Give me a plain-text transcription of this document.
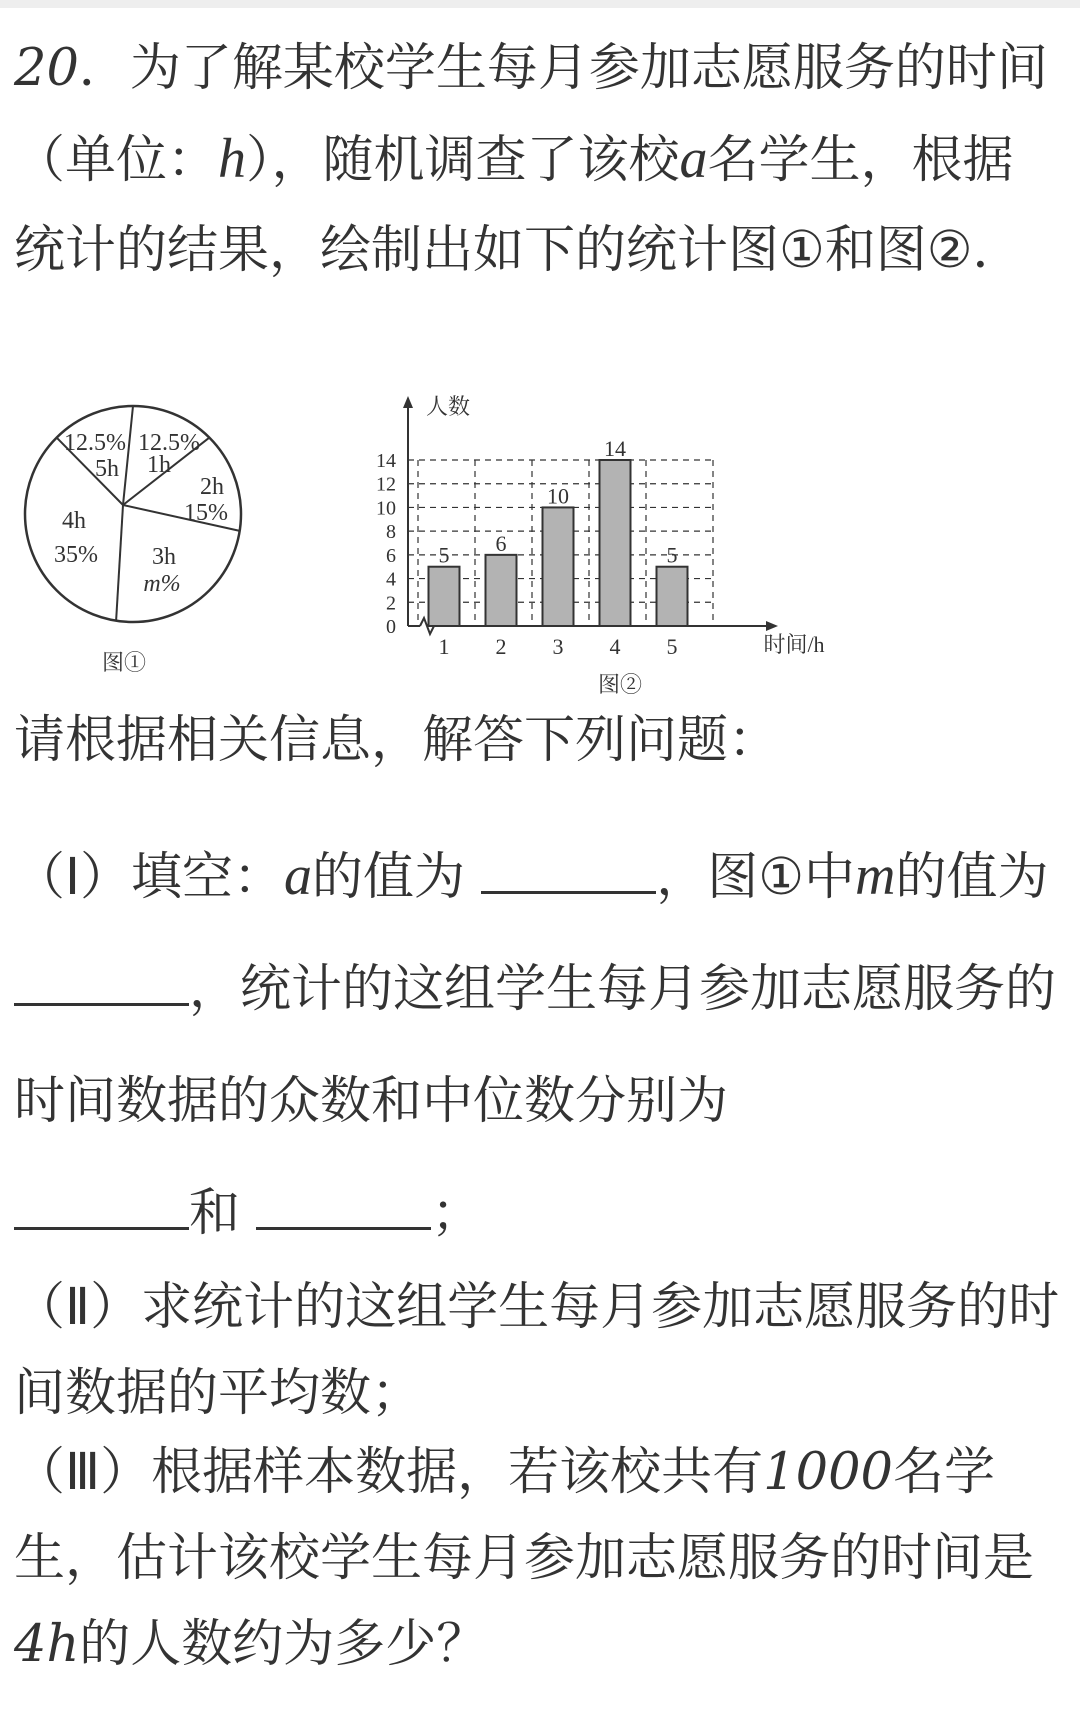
20．为了解某校学生每月参加志愿服务的时间（单位：h），随机调查了该校a名学生，根据统计的结果，绘制出如下的统计图①和图②．

12.5%
5h
12.5%
1h
2h
15%
4h
35% 3h
m%
图①
人数
时间/h
0
2
4
6
8
10
12
14
5
1
6
2
10
3
14
4
5
5
图②

请根据相关信息，解答下列问题：

（Ⅰ）填空：a的值为	，图①中m的值为 ，统计的这组学生每月参加志愿服务的时间数据的众数和中位数分别为
和	；

（Ⅱ）求统计的这组学生每月参加志愿服务的时间数据的平均数；

（Ⅲ）根据样本数据，若该校共有1000名学生，估计该校学生每月参加志愿服务的时间是4h的人数约为多少？
